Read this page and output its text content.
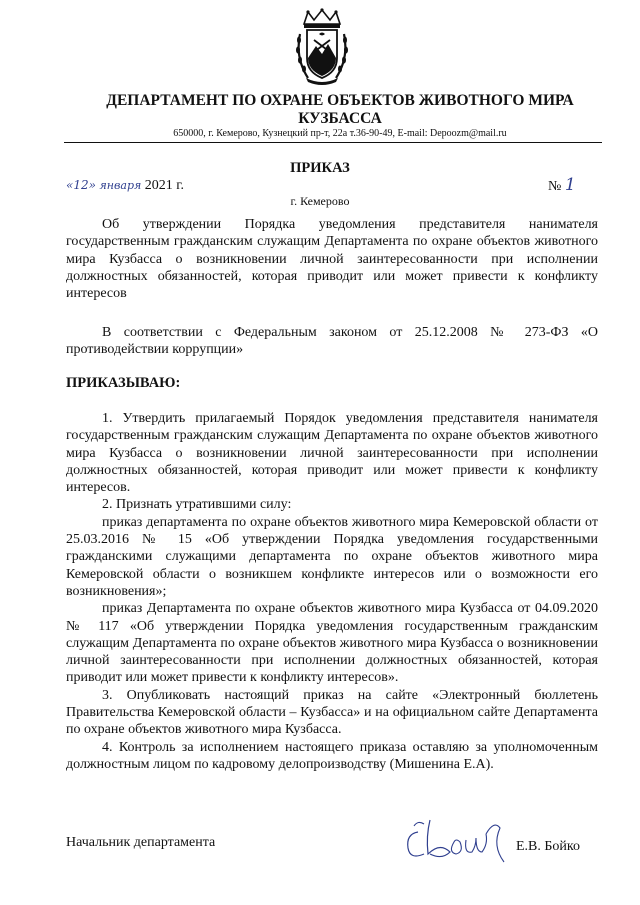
ДЕПАРТАМЕНТ ПО ОХРАНЕ ОБЪЕКТОВ ЖИВОТНОГО МИРА
КУЗБАССА
650000, г. Кемерово, Кузнецкий пр-т, 22а т.36-90-49, E-mail: Depoozm@mail.ru
ПРИКАЗ
«12» января 2021 г.	№ 1
г. Кемерово

Об утверждении Порядка уведомления представителя нанимателя государственным гражданским служащим Департамента по охране объектов животного мира Кузбасса о возникновении личной заинтересованности при исполнении должностных обязанностей, которая приводит или может привести к конфликту интересов

В соответствии с Федеральным законом от 25.12.2008 № 273-ФЗ «О противодействии коррупции»

ПРИКАЗЫВАЮ:

1. Утвердить прилагаемый Порядок уведомления представителя нанимателя государственным гражданским служащим Департамента по охране объектов животного мира Кузбасса о возникновении личной заинтересованности при исполнении должностных обязанностей, которая приводит или может привести к конфликту интересов.

2. Признать утратившими силу:

приказ департамента по охране объектов животного мира Кемеровской области от 25.03.2016 № 15 «Об утверждении Порядка уведомления государственными гражданскими служащими департамента по охране объектов животного мира Кемеровской области о возникшем конфликте интересов или о возможности его возникновения»;

приказ Департамента по охране объектов животного мира Кузбасса от 04.09.2020 № 117 «Об утверждении Порядка уведомления государственным гражданским служащим Департамента по охране объектов животного мира Кузбасса о возникновении личной заинтересованности при исполнении должностных обязанностей, которая приводит или может привести к конфликту интересов».

3. Опубликовать настоящий приказ на сайте «Электронный бюллетень Правительства Кемеровской области – Кузбасса» и на официальном сайте Департамента по охране объектов животного мира Кузбасса.

4. Контроль за исполнением настоящего приказа оставляю за уполномоченным должностным лицом по кадровому делопроизводству (Мишенина Е.А).

Начальник департамента	Е.В. Бойко
